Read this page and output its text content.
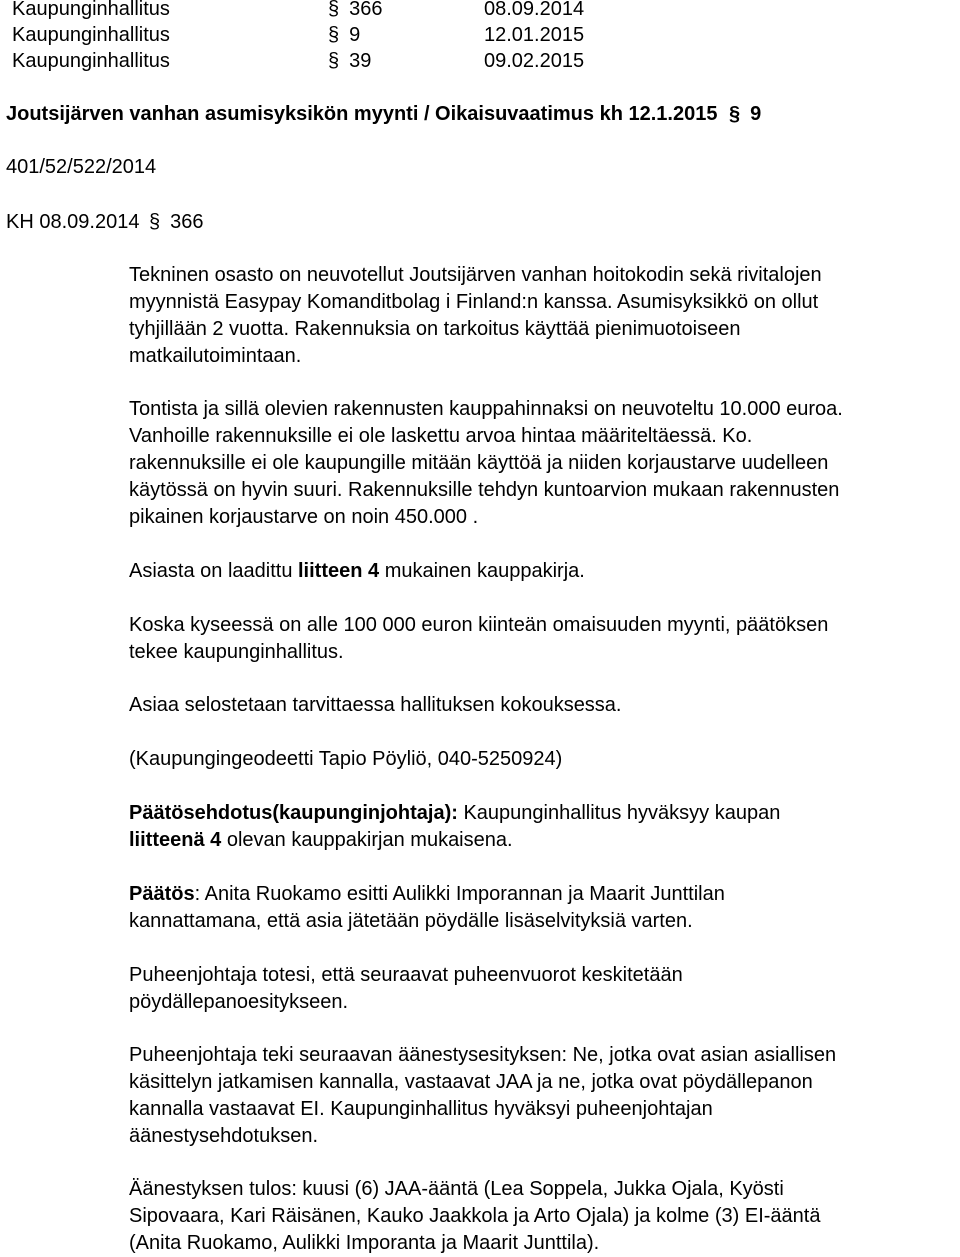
Kaupunginhallitus	§ 366	08.09.2014
Kaupunginhallitus	§ 9	12.01.2015
Kaupunginhallitus	§ 39	09.02.2015
Joutsijärven vanhan asumisyksikön myynti / Oikaisuvaatimus kh 12.1.2015 § 9
401/52/522/2014
KH 08.09.2014 § 366
Tekninen osasto on neuvotellut Joutsijärven vanhan hoitokodin sekä rivitalojen
myynnistä Easypay Komanditbolag i Finland:n kanssa. Asumisyksikkö on ollut
tyhjillään 2 vuotta. Rakennuksia on tarkoitus käyttää pienimuotoiseen
matkailutoimintaan.
Tontista ja sillä olevien rakennusten kauppahinnaksi on neuvoteltu 10.000 euroa.
Vanhoille rakennuksille ei ole laskettu arvoa hintaa määriteltäessä. Ko.
rakennuksille ei ole kaupungille mitään käyttöä ja niiden korjaustarve uudelleen
käytössä on hyvin suuri. Rakennuksille tehdyn kuntoarvion mukaan rakennusten
pikainen korjaustarve on noin 450.000 .
Asiasta on laadittu liitteen 4 mukainen kauppakirja.
Koska kyseessä on alle 100 000 euron kiinteän omaisuuden myynti, päätöksen
tekee kaupunginhallitus.
Asiaa selostetaan tarvittaessa hallituksen kokouksessa.
(Kaupungingeodeetti Tapio Pöyliö, 040-5250924)
Päätösehdotus(kaupunginjohtaja): Kaupunginhallitus hyväksyy kaupan
liitteenä 4 olevan kauppakirjan mukaisena.
Päätös: Anita Ruokamo esitti Aulikki Imporannan ja Maarit Junttilan
kannattamana, että asia jätetään pöydälle lisäselvityksiä varten.
Puheenjohtaja totesi, että seuraavat puheenvuorot keskitetään
pöydällepanoesitykseen.
Puheenjohtaja teki seuraavan äänestysesityksen: Ne, jotka ovat asian asiallisen
käsittelyn jatkamisen kannalla, vastaavat JAA ja ne, jotka ovat pöydällepanon
kannalla vastaavat EI. Kaupunginhallitus hyväksyi puheenjohtajan
äänestysehdotuksen.
Äänestyksen tulos: kuusi (6) JAA-ääntä (Lea Soppela, Jukka Ojala, Kyösti
Sipovaara, Kari Räisänen, Kauko Jaakkola ja Arto Ojala) ja kolme (3) EI-ääntä
(Anita Ruokamo, Aulikki Imporanta ja Maarit Junttila).
